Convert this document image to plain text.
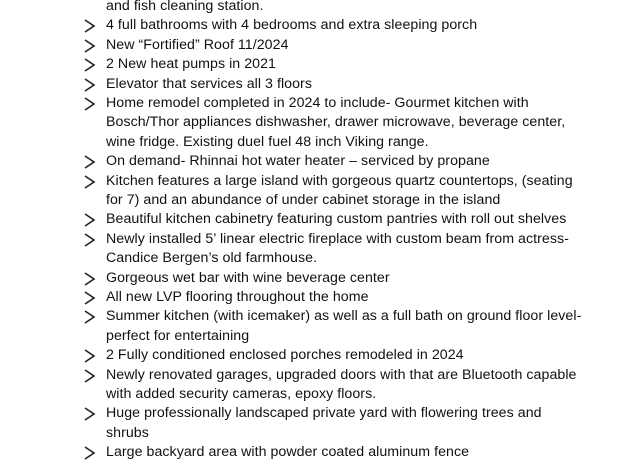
and fish cleaning station.
4 full bathrooms with 4 bedrooms and extra sleeping porch
New “Fortified” Roof 11/2024
2 New heat pumps in 2021
Elevator that services all 3 floors
Home remodel completed in 2024 to include- Gourmet kitchen with
Bosch/Thor appliances dishwasher, drawer microwave, beverage center,
wine fridge. Existing duel fuel 48 inch Viking range.
On demand- Rhinnai hot water heater – serviced by propane
Kitchen features a large island with gorgeous quartz countertops, (seating
for 7) and an abundance of under cabinet storage in the island
Beautiful kitchen cabinetry featuring custom pantries with roll out shelves
Newly installed 5’ linear electric fireplace with custom beam from actress-
Candice Bergen’s old farmhouse.
Gorgeous wet bar with wine beverage center
All new LVP flooring throughout the home
Summer kitchen (with icemaker) as well as a full bath on ground floor level-
perfect for entertaining
2 Fully conditioned enclosed porches remodeled in 2024
Newly renovated garages, upgraded doors with that are Bluetooth capable
with added security cameras, epoxy floors.
Huge professionally landscaped private yard with flowering trees and
shrubs
Large backyard area with powder coated aluminum fence
